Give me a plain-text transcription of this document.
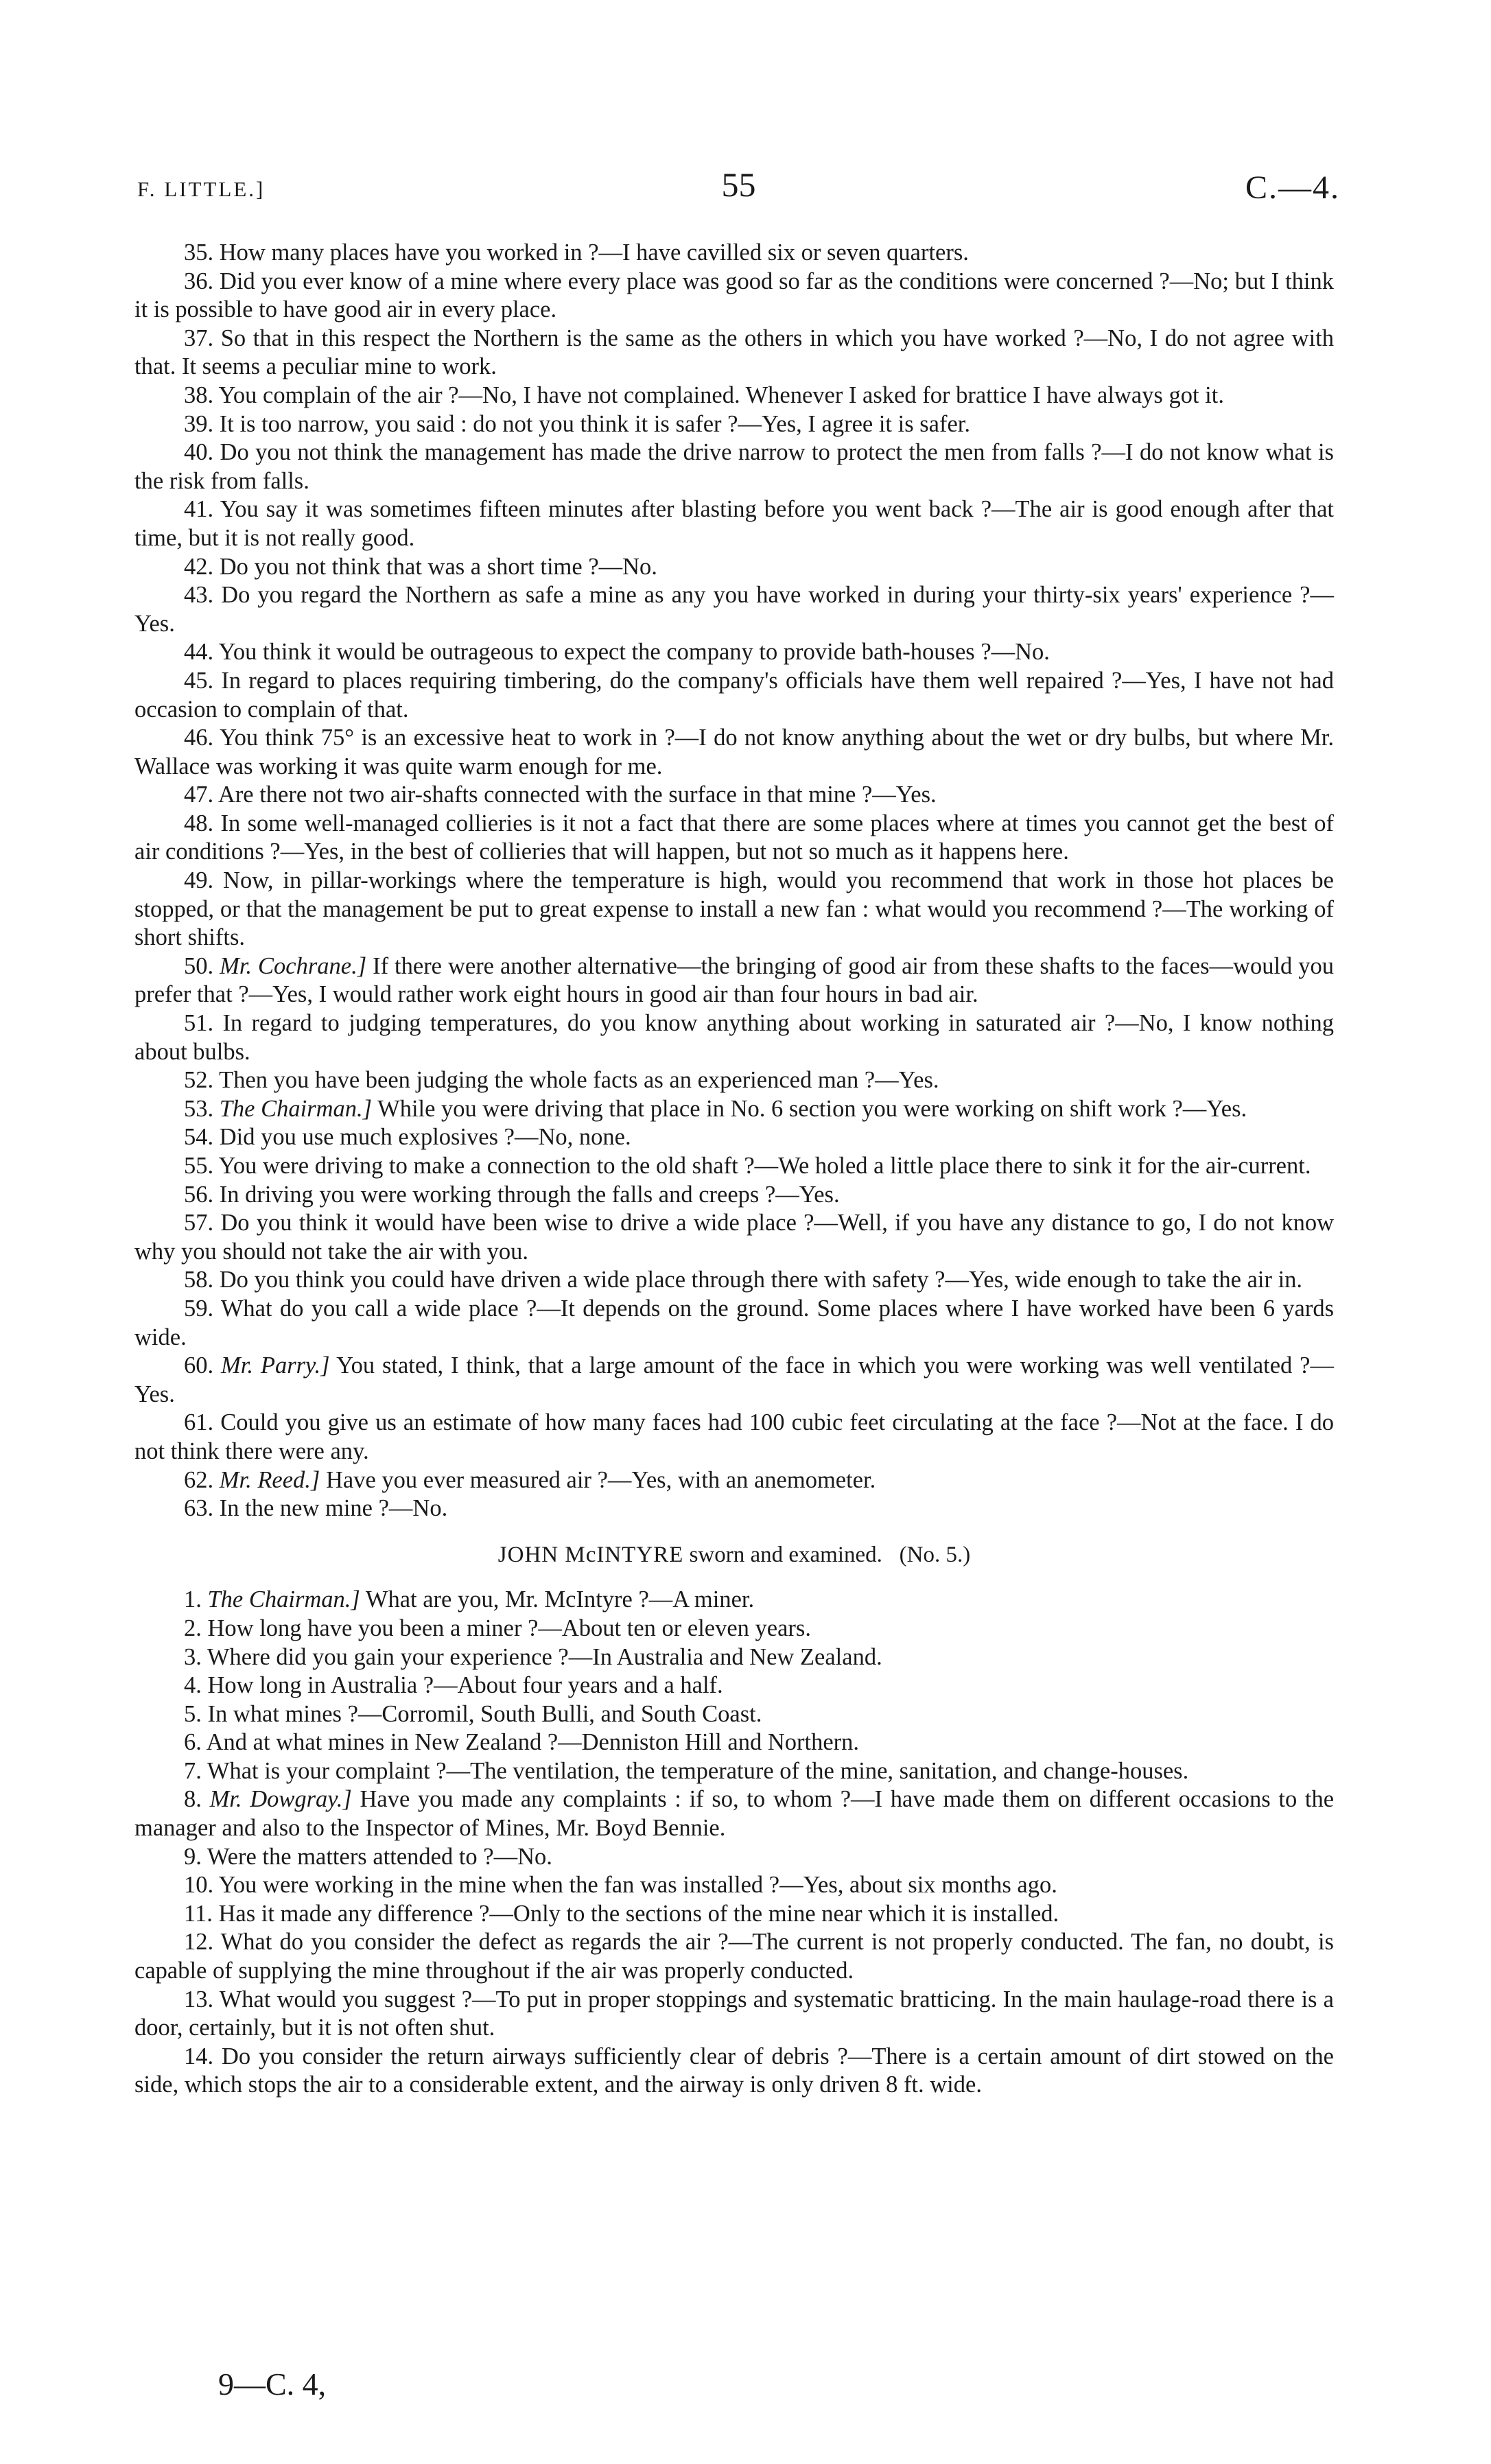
F. LITTLE.]	55	C.—4.

35. How many places have you worked in ?—I have cavilled six or seven quarters.

36. Did you ever know of a mine where every place was good so far as the conditions were concerned ?—No; but I think it is possible to have good air in every place.

37. So that in this respect the Northern is the same as the others in which you have worked ?—No, I do not agree with that. It seems a peculiar mine to work.

38. You complain of the air ?—No, I have not complained. Whenever I asked for brattice I have always got it.

39. It is too narrow, you said : do not you think it is safer ?—Yes, I agree it is safer.

40. Do you not think the management has made the drive narrow to protect the men from falls ?—I do not know what is the risk from falls.

41. You say it was sometimes fifteen minutes after blasting before you went back ?—The air is good enough after that time, but it is not really good.

42. Do you not think that was a short time ?—No.

43. Do you regard the Northern as safe a mine as any you have worked in during your thirty-six years' experience ?—Yes.

44. You think it would be outrageous to expect the company to provide bath-houses ?—No.

45. In regard to places requiring timbering, do the company's officials have them well repaired ?—Yes, I have not had occasion to complain of that.

46. You think 75° is an excessive heat to work in ?—I do not know anything about the wet or dry bulbs, but where Mr. Wallace was working it was quite warm enough for me.

47. Are there not two air-shafts connected with the surface in that mine ?—Yes.

48. In some well-managed collieries is it not a fact that there are some places where at times you cannot get the best of air conditions ?—Yes, in the best of collieries that will happen, but not so much as it happens here.

49. Now, in pillar-workings where the temperature is high, would you recommend that work in those hot places be stopped, or that the management be put to great expense to install a new fan : what would you recommend ?—The working of short shifts.

50. Mr. Cochrane.] If there were another alternative—the bringing of good air from these shafts to the faces—would you prefer that ?—Yes, I would rather work eight hours in good air than four hours in bad air.

51. In regard to judging temperatures, do you know anything about working in saturated air ?—No, I know nothing about bulbs.

52. Then you have been judging the whole facts as an experienced man ?—Yes.

53. The Chairman.] While you were driving that place in No. 6 section you were working on shift work ?—Yes.

54. Did you use much explosives ?—No, none.

55. You were driving to make a connection to the old shaft ?—We holed a little place there to sink it for the air-current.

56. In driving you were working through the falls and creeps ?—Yes.

57. Do you think it would have been wise to drive a wide place ?—Well, if you have any distance to go, I do not know why you should not take the air with you.

58. Do you think you could have driven a wide place through there with safety ?—Yes, wide enough to take the air in.

59. What do you call a wide place ?—It depends on the ground. Some places where I have worked have been 6 yards wide.

60. Mr. Parry.] You stated, I think, that a large amount of the face in which you were working was well ventilated ?—Yes.

61. Could you give us an estimate of how many faces had 100 cubic feet circulating at the face ?—Not at the face. I do not think there were any.

62. Mr. Reed.] Have you ever measured air ?—Yes, with an anemometer.

63. In the new mine ?—No.

JOHN McINTYRE sworn and examined. (No. 5.)

1. The Chairman.] What are you, Mr. McIntyre ?—A miner.

2. How long have you been a miner ?—About ten or eleven years.

3. Where did you gain your experience ?—In Australia and New Zealand.

4. How long in Australia ?—About four years and a half.

5. In what mines ?—Corromil, South Bulli, and South Coast.

6. And at what mines in New Zealand ?—Denniston Hill and Northern.

7. What is your complaint ?—The ventilation, the temperature of the mine, sanitation, and change-houses.

8. Mr. Dowgray.] Have you made any complaints : if so, to whom ?—I have made them on different occasions to the manager and also to the Inspector of Mines, Mr. Boyd Bennie.

9. Were the matters attended to ?—No.

10. You were working in the mine when the fan was installed ?—Yes, about six months ago.

11. Has it made any difference ?—Only to the sections of the mine near which it is installed.

12. What do you consider the defect as regards the air ?—The current is not properly conducted. The fan, no doubt, is capable of supplying the mine throughout if the air was properly conducted.

13. What would you suggest ?—To put in proper stoppings and systematic bratticing. In the main haulage-road there is a door, certainly, but it is not often shut.

14. Do you consider the return airways sufficiently clear of debris ?—There is a certain amount of dirt stowed on the side, which stops the air to a considerable extent, and the airway is only driven 8 ft. wide.

9—C. 4,
